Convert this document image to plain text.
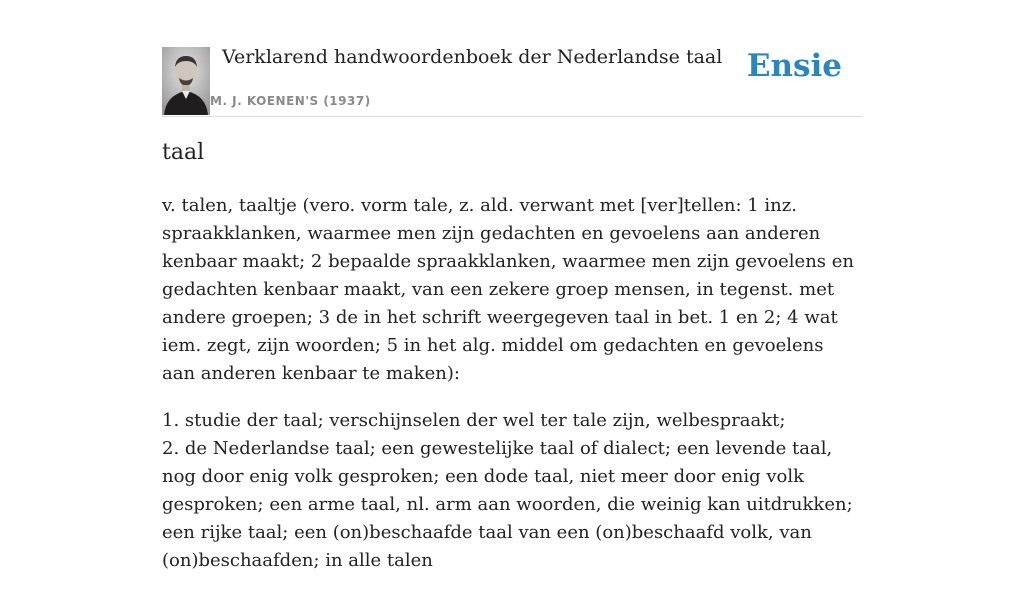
Verklarend handwoordenboek der Nederlandse taal
M. J. KOENEN'S (1937)
Ensie
taal

v. talen, taaltje (vero. vorm tale, z. ald. verwant met [ver]tellen: 1 inz. spraakklanken, waarmee men zijn gedachten en gevoelens aan anderen kenbaar maakt; 2 bepaalde spraakklanken, waarmee men zijn gevoelens en gedachten kenbaar maakt, van een zekere groep mensen, in tegenst. met andere groepen; 3 de in het schrift weergegeven taal in bet. 1 en 2; 4 wat iem. zegt, zijn woorden; 5 in het alg. middel om gedachten en gevoelens aan anderen kenbaar te maken):

1. studie der taal; verschijnselen der wel ter tale zijn, welbespraakt;
2. de Nederlandse taal; een gewestelijke taal of dialect; een levende taal, nog door enig volk gesproken; een dode taal, niet meer door enig volk gesproken; een arme taal, nl. arm aan woorden, die weinig kan uitdrukken; een rijke taal; een (on)beschaafde taal van een (on)beschaafd volk, van (on)beschaafden; in alle talen
